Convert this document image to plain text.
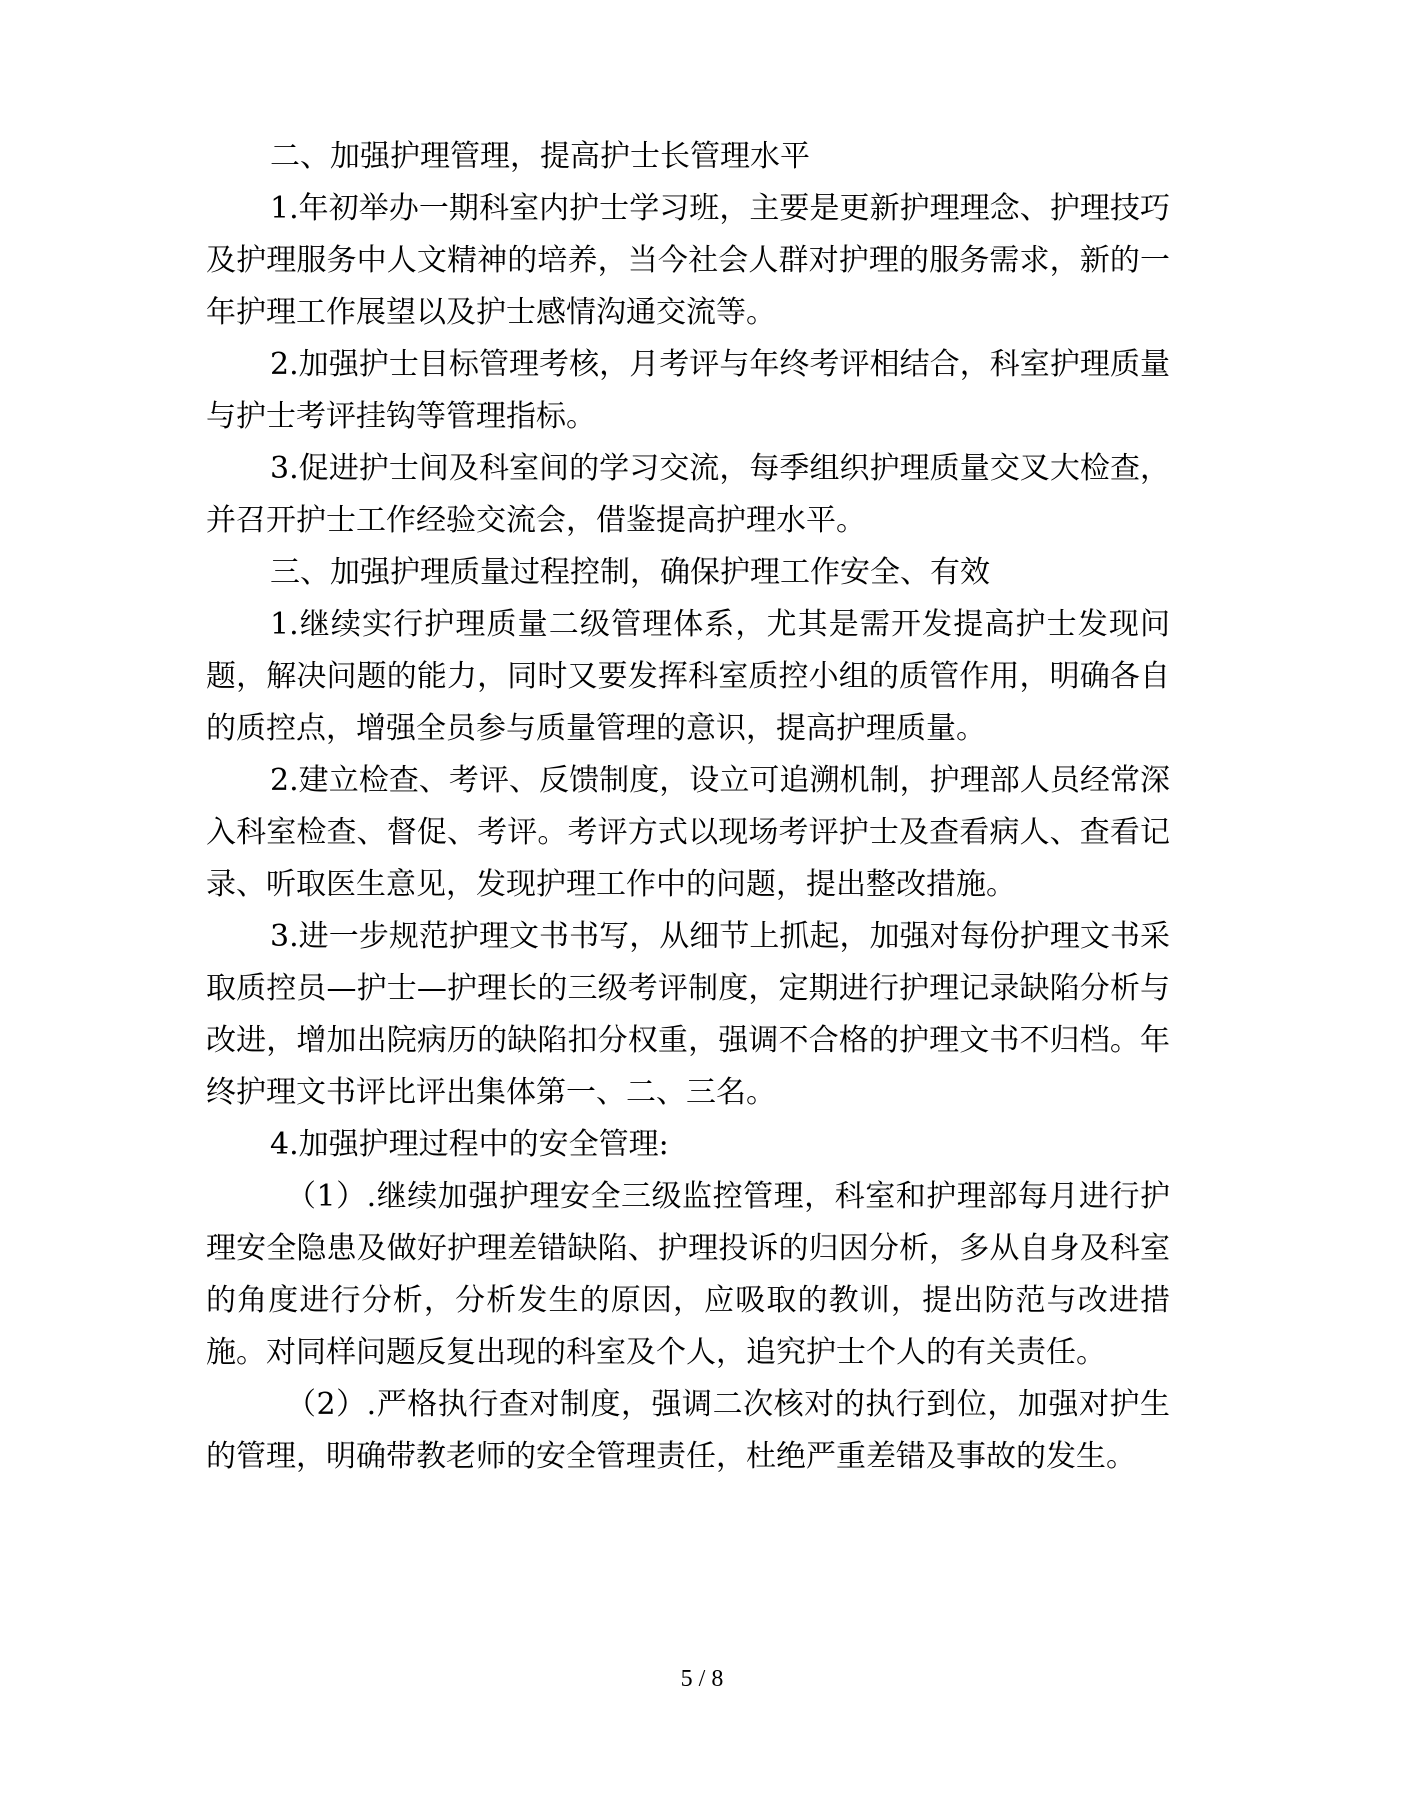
二、加强护理管理，提高护士长管理水平

1.年初举办一期科室内护士学习班，主要是更新护理理念、护理技巧及护理服务中人文精神的培养，当今社会人群对护理的服务需求，新的一年护理工作展望以及护士感情沟通交流等。

2.加强护士目标管理考核，月考评与年终考评相结合，科室护理质量与护士考评挂钩等管理指标。

3.促进护士间及科室间的学习交流，每季组织护理质量交叉大检查，并召开护士工作经验交流会，借鉴提高护理水平。

三、加强护理质量过程控制，确保护理工作安全、有效

1.继续实行护理质量二级管理体系，尤其是需开发提高护士发现问题，解决问题的能力，同时又要发挥科室质控小组的质管作用，明确各自的质控点，增强全员参与质量管理的意识，提高护理质量。

2.建立检查、考评、反馈制度，设立可追溯机制，护理部人员经常深入科室检查、督促、考评。考评方式以现场考评护士及查看病人、查看记录、听取医生意见，发现护理工作中的问题，提出整改措施。

3.进一步规范护理文书书写，从细节上抓起，加强对每份护理文书采取质控员—护士—护理长的三级考评制度，定期进行护理记录缺陷分析与改进，增加出院病历的缺陷扣分权重，强调不合格的护理文书不归档。年终护理文书评比评出集体第一、二、三名。

4.加强护理过程中的安全管理:

（1）.继续加强护理安全三级监控管理，科室和护理部每月进行护理安全隐患及做好护理差错缺陷、护理投诉的归因分析，多从自身及科室的角度进行分析，分析发生的原因，应吸取的教训，提出防范与改进措施。对同样问题反复出现的科室及个人，追究护士个人的有关责任。

（2）.严格执行查对制度，强调二次核对的执行到位，加强对护生的管理，明确带教老师的安全管理责任，杜绝严重差错及事故的发生。

5 / 8
